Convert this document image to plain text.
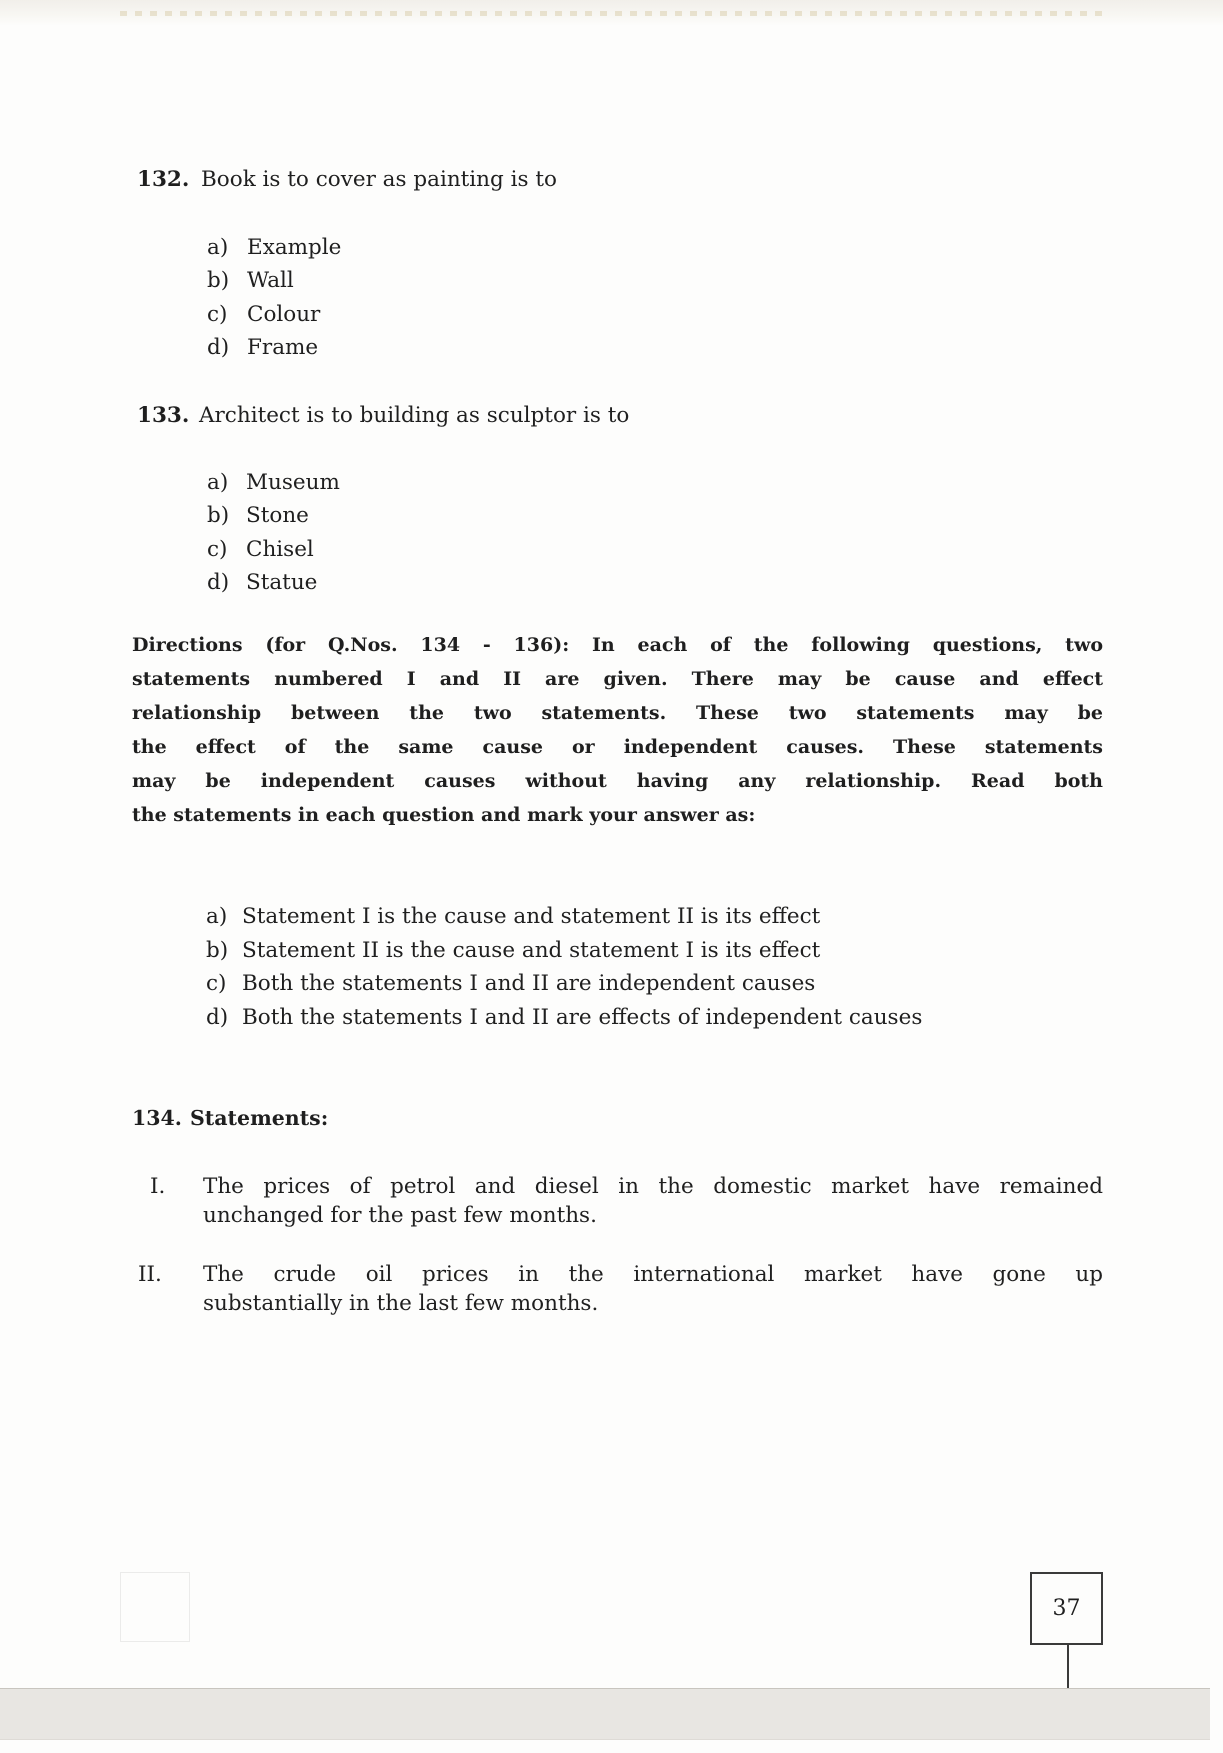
132. Book is to cover as painting is to
a) Example
b) Wall
c) Colour
d) Frame
133. Architect is to building as sculptor is to
a) Museum
b) Stone
c) Chisel
d) Statue
Directions (for Q.Nos. 134 - 136): In each of the following questions, two
statements numbered I and II are given. There may be cause and effect
relationship between the two statements. These two statements may be
the effect of the same cause or independent causes. These statements
may be independent causes without having any relationship. Read both
the statements in each question and mark your answer as:
a) Statement I is the cause and statement II is its effect
b) Statement II is the cause and statement I is its effect
c) Both the statements I and II are independent causes
d) Both the statements I and II are effects of independent causes
134. Statements:
I. The prices of petrol and diesel in the domestic market have remained
unchanged for the past few months.
II. The crude oil prices in the international market have gone up
substantially in the last few months.
37
